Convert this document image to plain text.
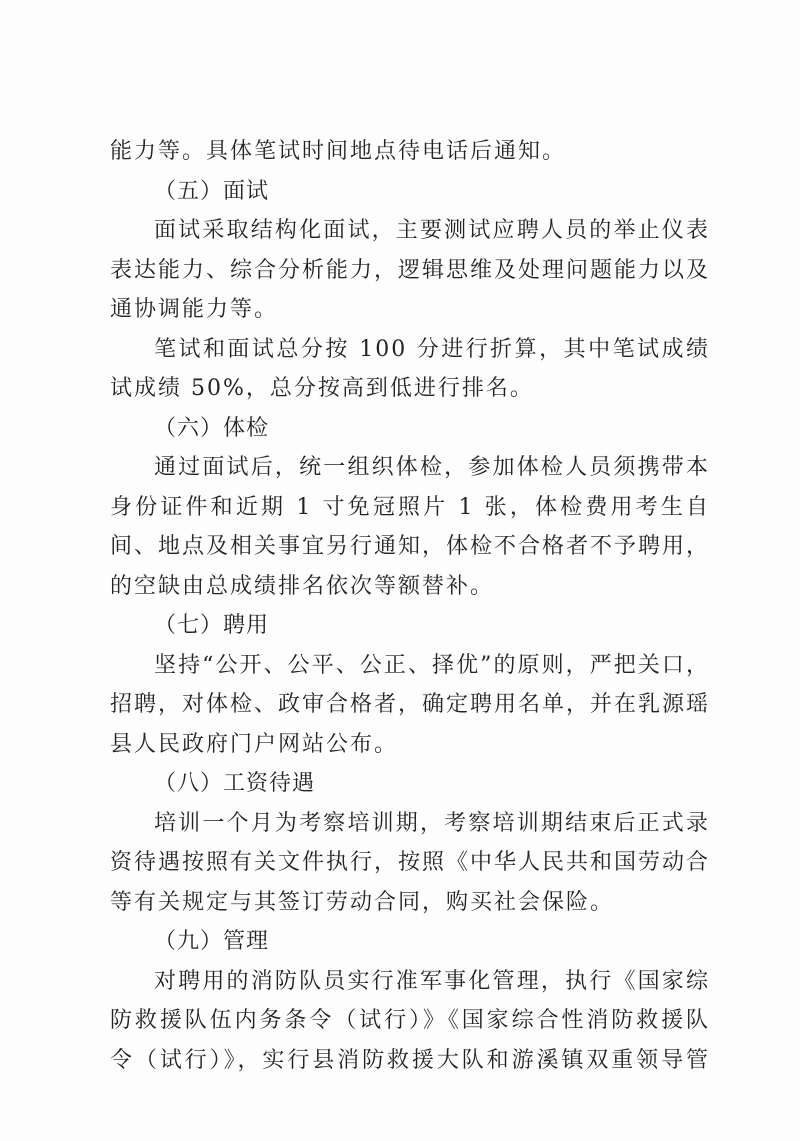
能力等。具体笔试时间地点待电话后通知。
（五）面试
面试采取结构化面试，主要测试应聘人员的举止仪表
表达能力、综合分析能力，逻辑思维及处理问题能力以及
通协调能力等。
笔试和面试总分按 100 分进行折算，其中笔试成绩
试成绩 50%，总分按高到低进行排名。
（六）体检
通过面试后，统一组织体检，参加体检人员须携带本
身份证件和近期 1 寸免冠照片 1 张，体检费用考生自
间、地点及相关事宜另行通知，体检不合格者不予聘用，
的空缺由总成绩排名依次等额替补。
（七）聘用
坚持“公开、公平、公正、择优”的原则，严把关口，
招聘，对体检、政审合格者，确定聘用名单，并在乳源瑶
县人民政府门户网站公布。
（八）工资待遇
培训一个月为考察培训期，考察培训期结束后正式录
资待遇按照有关文件执行，按照《中华人民共和国劳动合
等有关规定与其签订劳动合同，购买社会保险。
（九）管理
对聘用的消防队员实行准军事化管理，执行《国家综
防救援队伍内务条令（试行）》《国家综合性消防救援队
令（试行）》，实行县消防救援大队和游溪镇双重领导管
